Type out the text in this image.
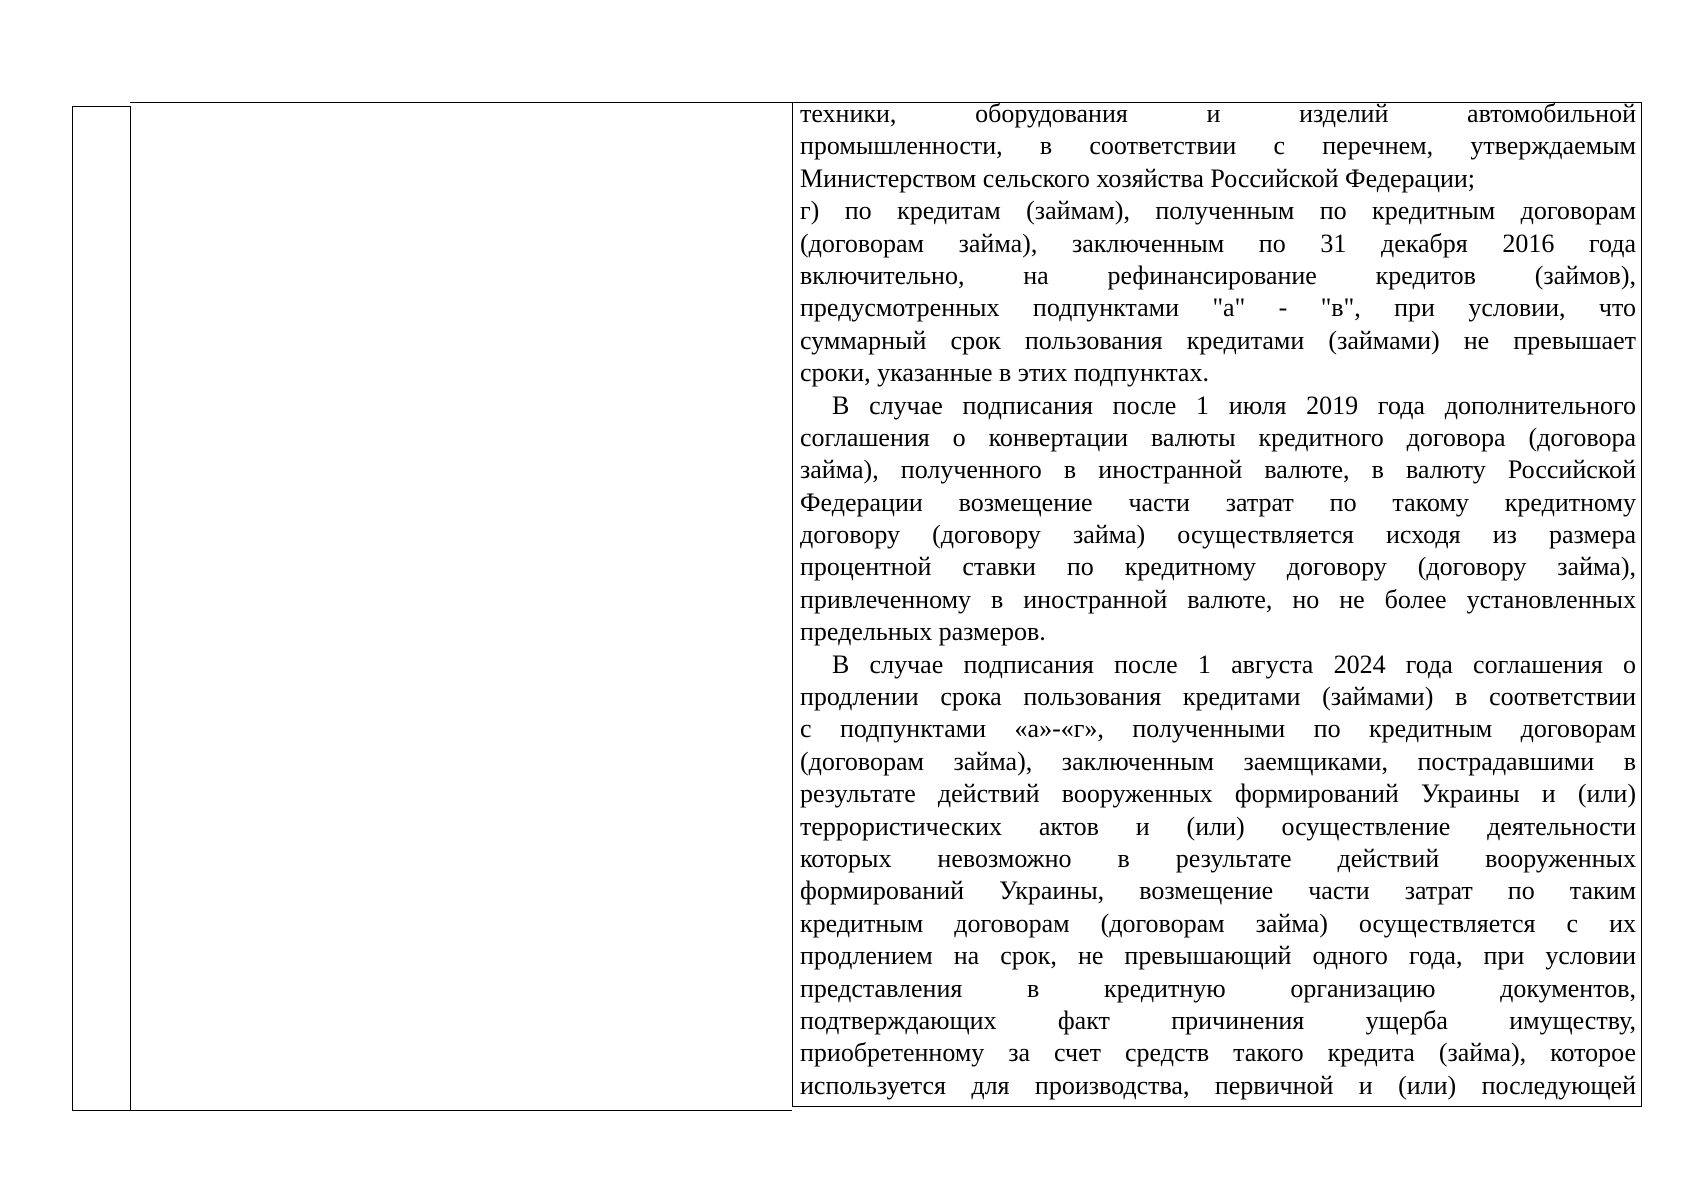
техники, оборудования и изделий автомобильной
промышленности, в соответствии с перечнем, утверждаемым
Министерством сельского хозяйства Российской Федерации;
г) по кредитам (займам), полученным по кредитным договорам
(договорам займа), заключенным по 31 декабря 2016 года
включительно, на рефинансирование кредитов (займов),
предусмотренных подпунктами "а" - "в", при условии, что
суммарный срок пользования кредитами (займами) не превышает
сроки, указанные в этих подпунктах.
В случае подписания после 1 июля 2019 года дополнительного
соглашения о конвертации валюты кредитного договора (договора
займа), полученного в иностранной валюте, в валюту Российской
Федерации возмещение части затрат по такому кредитному
договору (договору займа) осуществляется исходя из размера
процентной ставки по кредитному договору (договору займа),
привлеченному в иностранной валюте, но не более установленных
предельных размеров.
В случае подписания после 1 августа 2024 года соглашения о
продлении срока пользования кредитами (займами) в соответствии
с подпунктами «а»-«г», полученными по кредитным договорам
(договорам займа), заключенным заемщиками, пострадавшими в
результате действий вооруженных формирований Украины и (или)
террористических актов и (или) осуществление деятельности
которых невозможно в результате действий вооруженных
формирований Украины, возмещение части затрат по таким
кредитным договорам (договорам займа) осуществляется с их
продлением на срок, не превышающий одного года, при условии
представления в кредитную организацию документов,
подтверждающих факт причинения ущерба имуществу,
приобретенному за счет средств такого кредита (займа), которое
используется для производства, первичной и (или) последующей
